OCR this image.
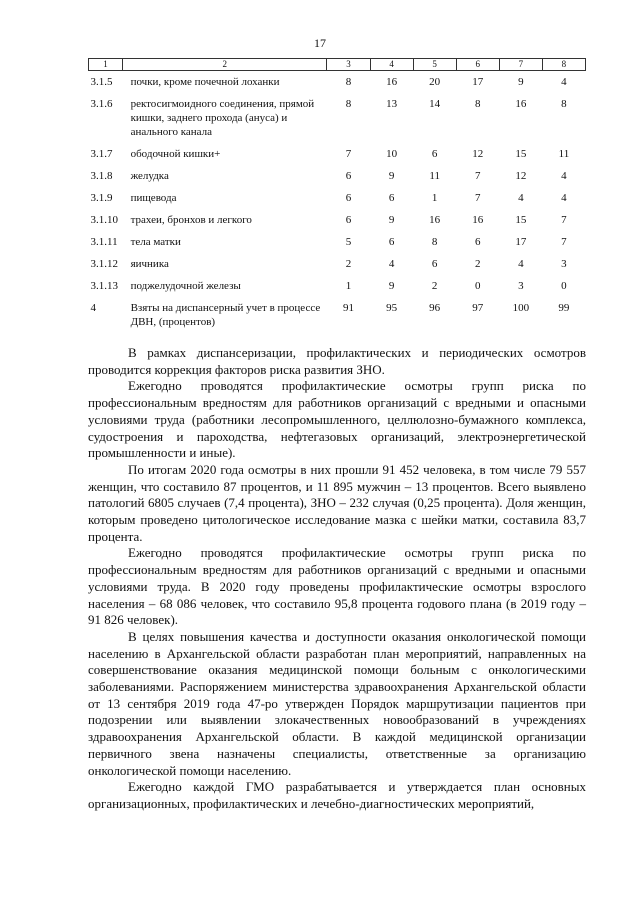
17
1	2	3	4	5	6	7	8
3.1.5	почки, кроме почечной лоханки	8	16	20	17	9	4
3.1.6	ректосигмоидного соединения, прямой кишки, заднего прохода (ануса) и анального канала	8	13	14	8	16	8
3.1.7	ободочной кишки+	7	10	6	12	15	11
3.1.8	желудка	6	9	11	7	12	4
3.1.9	пищевода	6	6	1	7	4	4
3.1.10	трахеи, бронхов и легкого	6	9	16	16	15	7
3.1.11	тела матки	5	6	8	6	17	7
3.1.12	яичника	2	4	6	2	4	3
3.1.13	поджелудочной железы	1	9	2	0	3	0
4	Взяты на диспансерный учет в процессе ДВН, (процентов)	91	95	96	97	100	99

В рамках диспансеризации, профилактических и периодических осмотров проводится коррекция факторов риска развития ЗНО.

Ежегодно проводятся профилактические осмотры групп риска по профессиональным вредностям для работников организаций с вредными и опасными условиями труда (работники лесопромышленного, целлюлозно-бумажного комплекса, судостроения и пароходства, нефтегазовых организаций, электроэнергетической промышленности и иные).

По итогам 2020 года осмотры в них прошли 91 452 человека, в том числе 79 557 женщин, что составило 87 процентов, и 11 895 мужчин – 13 процентов. Всего выявлено патологий 6805 случаев (7,4 процента), ЗНО – 232 случая (0,25 процента). Доля женщин, которым проведено цитологическое исследование мазка с шейки матки, составила 83,7 процента.

Ежегодно проводятся профилактические осмотры групп риска по профессиональным вредностям для работников организаций с вредными и опасными условиями труда. В 2020 году проведены профилактические осмотры взрослого населения – 68 086 человек, что составило 95,8 процента годового плана (в 2019 году – 91 826 человек).

В целях повышения качества и доступности оказания онкологической помощи населению в Архангельской области разработан план мероприятий, направленных на совершенствование оказания медицинской помощи больным с онкологическими заболеваниями. Распоряжением министерства здравоохранения Архангельской области от 13 сентября 2019 года 47-ро утвержден Порядок маршрутизации пациентов при подозрении или выявлении злокачественных новообразований в учреждениях здравоохранения Архангельской области. В каждой медицинской организации первичного звена назначены специалисты, ответственные за организацию онкологической помощи населению.

Ежегодно каждой ГМО разрабатывается и утверждается план основных организационных, профилактических и лечебно-диагностических мероприятий,
